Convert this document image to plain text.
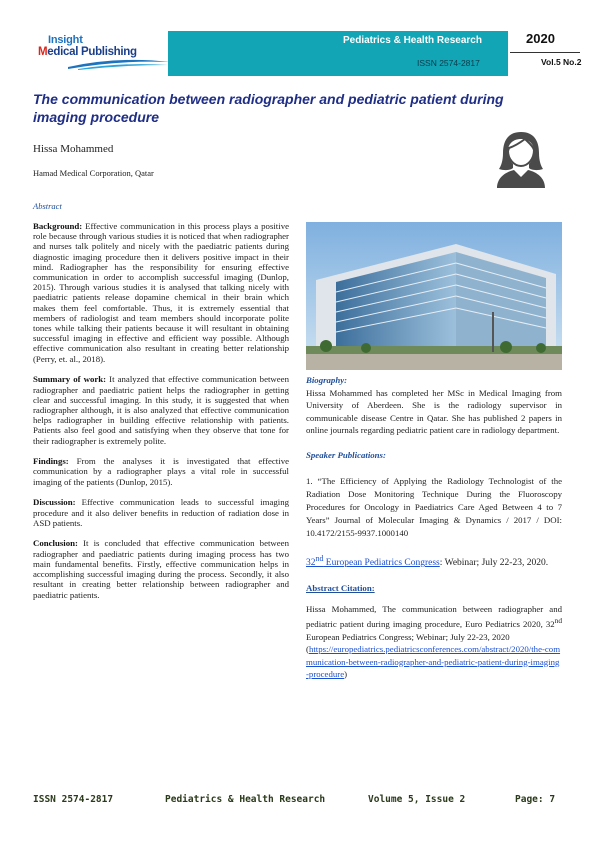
Insight
Medical Publishing
Pediatrics & Health Research
ISSN 2574-2817
2020
Vol.5 No.2
The communication between radiographer and pediatric patient during imaging procedure
Hissa Mohammed
Hamad Medical Corporation, Qatar
Abstract

Background: Effective communication in this process plays a positive role because through various studies it is noticed that when radiographer and nurses talk politely and nicely with the paediatric patients during diagnostic imaging procedure then it delivers positive impact in their mind. Radiographer has the responsibility for ensuring effective communication in order to accomplish successful imaging (Dunlop, 2015). Through various studies it is analysed that talking nicely with paediatric patients release dopamine chemical in their brain which makes them feel comfortable. Thus, it is extremely essential that members of radiologist and team members should incorporate polite tones while talking their patients because it will resultant in obtaining successful imaging in effective and efficient way possible. Although effective communication also resultant in creating better relationship (Perry, et. al., 2018).

Summary of work: It analyzed that effective communication between radiographer and paediatric patient helps the radiographer in getting clear and successful imaging. In this study, it is suggested that when radiographer although, it is also analyzed that effective communication helps radiographer in building effective relationship with patients. Patients also feel good and satisfying when they observe that tone for their radiographer is extremely polite.

Findings: From the analyses it is investigated that effective communication by a radiographer plays a vital role in successful imaging of the patients (Dunlop, 2015).

Discussion: Effective communication leads to successful imaging procedure and it also deliver benefits in reduction of radiation dose in ASD patients.

Conclusion: It is concluded that effective communication between radiographer and paediatric patients during imaging process has two main fundamental benefits. Firstly, effective communication helps in accomplishing successful imaging during the process. Secondly, it also resultant in creating better relationship between radiographer and paediatric patients.

Biography:
Hissa Mohammed has completed her MSc in Medical Imaging from University of Aberdeen. She is the radiology supervisor in communicable disease Centre in Qatar. She has published 2 papers in online journals regarding pediatric patient care in radiology department.
Speaker Publications:
1. “The Efficiency of Applying the Radiology Technologist of the Radiation Dose Monitoring Technique During the Fluoroscopy Procedures for Oncology in Paediatrics Care Aged Between 4 to 7 Years” Journal of Molecular Imaging & Dynamics / 2017 / DOI: 10.4172/2155-9937.1000140
32nd European Pediatrics Congress: Webinar; July 22-23, 2020.
Abstract Citation:
Hissa Mohammed, The communication between radiographer and pediatric patient during imaging procedure, Euro Pediatrics 2020, 32nd European Pediatrics Congress; Webinar; July 22-23, 2020
(https://europediatrics.pediatricsconferences.com/abstract/2020/the-communication-between-radiographer-and-pediatric-patient-during-imaging-procedure)
ISSN 2574-2817	Pediatrics & Health Research	Volume 5, Issue 2	Page: 7
